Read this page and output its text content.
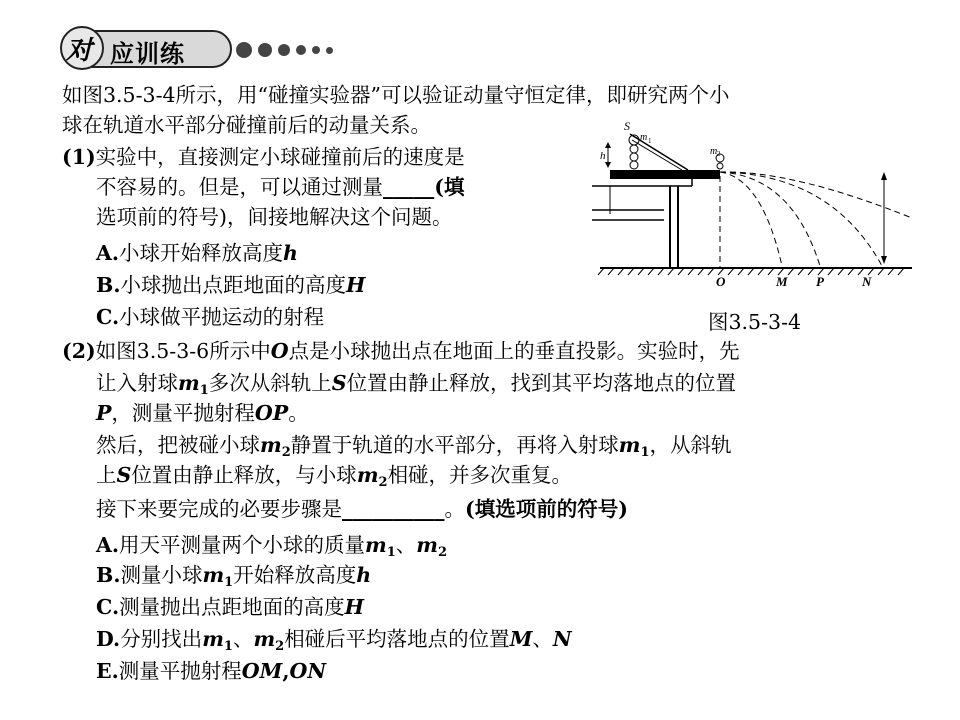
应训练
对
如图3.5-3-4所示，用“碰撞实验器”可以验证动量守恒定律，即研究两个小
球在轨道水平部分碰撞前后的动量关系。
(1)实验中，直接测定小球碰撞前后的速度是
不容易的。但是，可以通过测量_____(填
选项前的符号)，间接地解决这个问题。
A.小球开始释放高度h
B.小球抛出点距地面的高度H
C.小球做平抛运动的射程
S
m 1
m 2
h
O	M P	N
图3.5-3-4
(2)如图3.5-3-6所示中O点是小球抛出点在地面上的垂直投影。实验时，先
让入射球$m_1$多次从斜轨上S位置由静止释放，找到其平均落地点的位置
P，测量平抛射程OP。
然后，把被碰小球$m_2$静置于轨道的水平部分，再将入射球$m_1$，从斜轨
上S位置由静止释放，与小球$m_2$相碰，并多次重复。
接下来要完成的必要步骤是__________。(填选项前的符号)
A.用天平测量两个小球的质量$m_1$、$m_2$
B.测量小球$m_1$开始释放高度h
C.测量抛出点距地面的高度H
D.分别找出$m_1$、$m_2$相碰后平均落地点的位置M、N
E.测量平抛射程OM,ON
